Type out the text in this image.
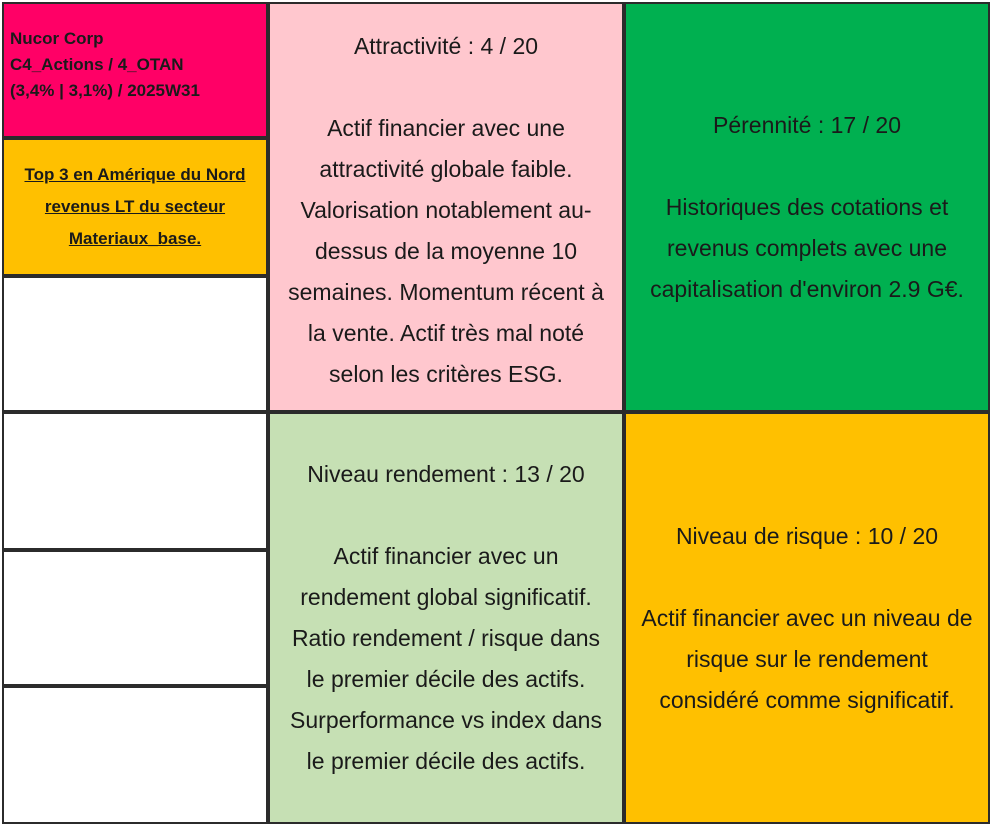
Nucor Corp
C4_Actions / 4_OTAN
(3,4% | 3,1%) / 2025W31
Top 3 en Amérique du Nord
revenus LT du secteur
Materiaux_base.
Attractivité : 4 / 20
Actif financier avec une
attractivité globale faible.
Valorisation notablement au-
dessus de la moyenne 10
semaines. Momentum récent à
la vente. Actif très mal noté
selon les critères ESG.
Pérennité : 17 / 20
Historiques des cotations et
revenus complets avec une
capitalisation d'environ 2.9 G€.
Niveau rendement : 13 / 20
Actif financier avec un
rendement global significatif.
Ratio rendement / risque dans
le premier décile des actifs.
Surperformance vs index dans
le premier décile des actifs.
Niveau de risque : 10 / 20
Actif financier avec un niveau de
risque sur le rendement
considéré comme significatif.
